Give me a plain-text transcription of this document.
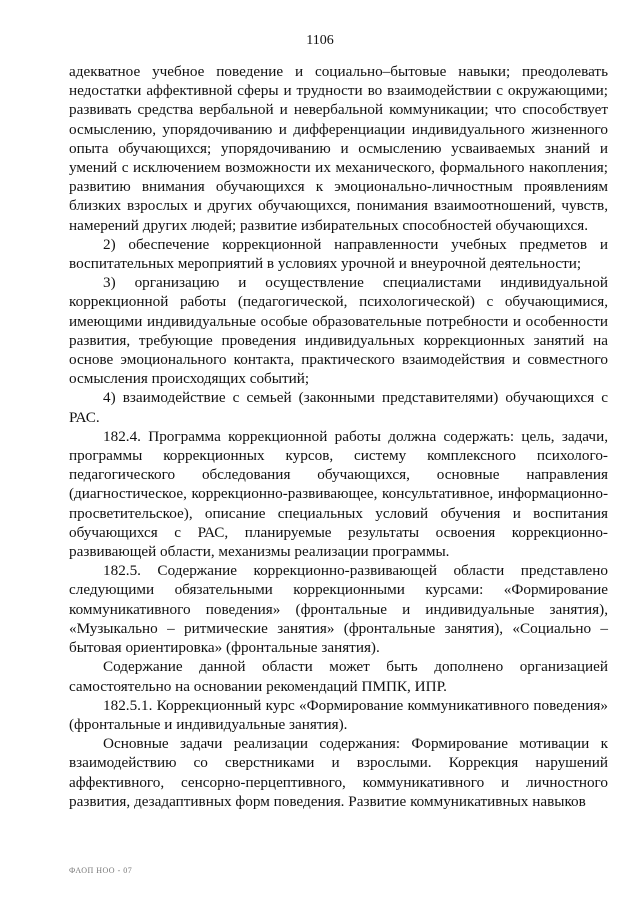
1106

адекватное учебное поведение и социально–бытовые навыки; преодолевать недостатки аффективной сферы и трудности во взаимодействии с окружающими; развивать средства вербальной и невербальной коммуникации; что способствует осмыслению, упорядочиванию и дифференциации индивидуального жизненного опыта обучающихся; упорядочиванию и осмыслению усваиваемых знаний и умений с исключением возможности их механического, формального накопления; развитию внимания обучающихся к эмоционально-личностным проявлениям близких взрослых и других обучающихся, понимания взаимоотношений, чувств, намерений других людей; развитие избирательных способностей обучающихся.

2) обеспечение коррекционной направленности учебных предметов и воспитательных мероприятий в условиях урочной и внеурочной деятельности;

3) организацию и осуществление специалистами индивидуальной коррекционной работы (педагогической, психологической) с обучающимися, имеющими индивидуальные особые образовательные потребности и особенности развития, требующие проведения индивидуальных коррекционных занятий на основе эмоционального контакта, практического взаимодействия и совместного осмысления происходящих событий;

4) взаимодействие с семьей (законными представителями) обучающихся с РАС.

182.4. Программа коррекционной работы должна содержать: цель, задачи, программы коррекционных курсов, систему комплексного психолого-педагогического обследования обучающихся, основные направления (диагностическое, коррекционно-развивающее, консультативное, информационно-просветительское), описание специальных условий обучения и воспитания обучающихся с РАС, планируемые результаты освоения коррекционно-развивающей области, механизмы реализации программы.

182.5. Содержание коррекционно-развивающей области представлено следующими обязательными коррекционными курсами: «Формирование коммуникативного поведения» (фронтальные и индивидуальные занятия), «Музыкально – ритмические занятия» (фронтальные занятия), «Социально – бытовая ориентировка» (фронтальные занятия).

Содержание данной области может быть дополнено организацией самостоятельно на основании рекомендаций ПМПК, ИПР.

182.5.1. Коррекционный курс «Формирование коммуникативного поведения» (фронтальные и индивидуальные занятия).

Основные задачи реализации содержания: Формирование мотивации к взаимодействию со сверстниками и взрослыми. Коррекция нарушений аффективного, сенсорно-перцептивного, коммуникативного и личностного развития, дезадаптивных форм поведения. Развитие коммуникативных навыков

ФАОП НОО - 07
